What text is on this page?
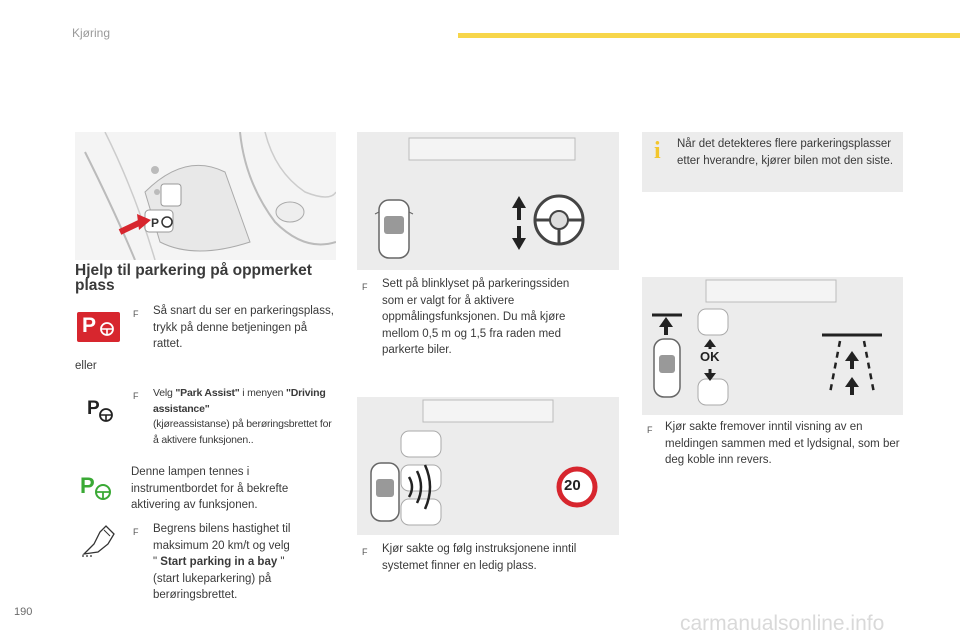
Kjøring
P
Hjelp til parkering på oppmerket plass
P	F Så snart du ser en parkeringsplass, trykk på denne betjeningen på rattet.
eller
P
F Velg "Park Assist" i menyen "Driving assistance"
(kjøreassistanse) på berøringsbrettet for å aktivere funksjonen..
P
Denne lampen tennes i instrumentbordet for å bekrefte aktivering av funksjonen.
F Begrens bilens hastighet til maksimum 20 km/t og velg
" Start parking in a bay "
(start lukeparkering) på berøringsbrettet.
F Sett på blinklyset på parkeringssiden som er valgt for å aktivere oppmålingsfunksjonen. Du må kjøre mellom 0,5 m og 1,5 fra raden med parkerte biler.
20
F Kjør sakte og følg instruksjonene inntil systemet finner en ledig plass.
i Når det detekteres flere parkeringsplasser etter hverandre, kjører bilen mot den siste.
OK
F Kjør sakte fremover inntil visning av en meldingen sammen med et lydsignal, som ber deg koble inn revers.
190	carmanualsonline.info
